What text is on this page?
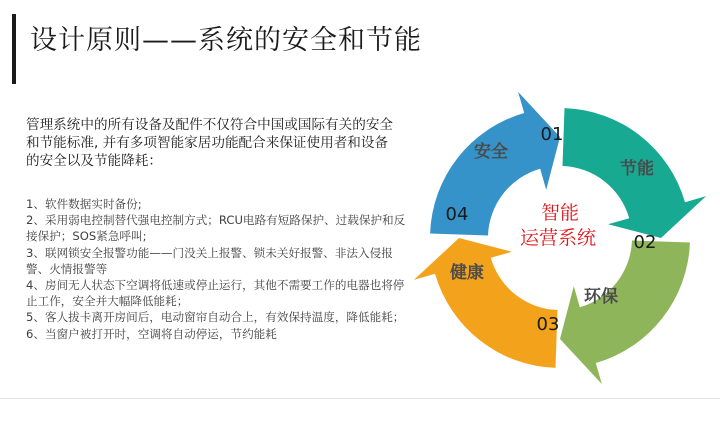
设计原则——系统的安全和节能
管理系统中的所有设备及配件不仅符合中国或国际有关的安全和节能标准, 并有多项智能家居功能配合来保证使用者和设备的安全以及节能降耗：
1、软件数据实时备份;
2、采用弱电控制替代强电控制方式；RCU电路有短路保护、过载保护和反接保护；SOS紧急呼叫;
3、联网锁安全报警功能——门没关上报警、锁未关好报警、非法入侵报警、火情报警等
4、房间无人状态下空调将低速或停止运行，其他不需要工作的电器也将停止工作，安全并大幅降低能耗；
5、客人拔卡离开房间后，电动窗帘自动合上，有效保持温度，降低能耗；
6、当窗户被打开时，空调将自动停运，节约能耗
智能
运营系统
01
02
03
04
安全
节能
环保
健康
